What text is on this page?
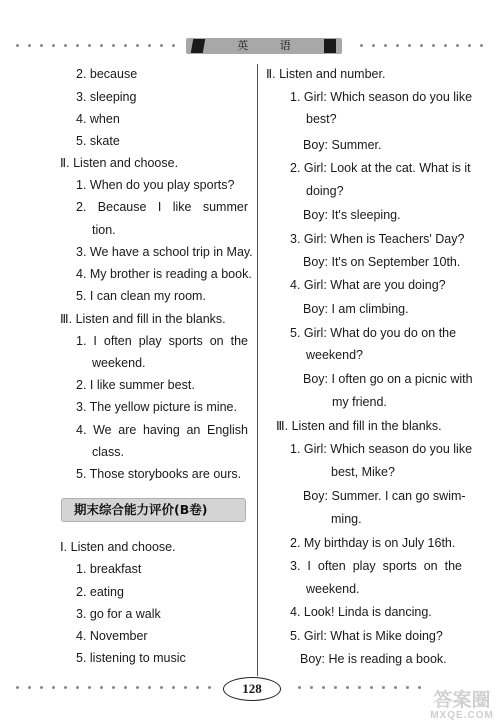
英 语
2. because
3. sleeping
4. when
5. skate
Ⅱ. Listen and choose.
1. When do you play sports?
2. Because I like summer
tion.
3. We have a school trip in May.
4. My brother is reading a book.
5. I can clean my room.
Ⅲ. Listen and fill in the blanks.
1. I often play sports on the
weekend.
2. I like summer best.
3. The yellow picture is mine.
4. We are having an English
class.
5. Those storybooks are ours.
Ⅰ. Listen and choose.
1. breakfast
2. eating
3. go for a walk
4. November
5. listening to music
Ⅱ. Listen and number.
1. Girl: Which season do you like
best?
Boy: Summer.
2. Girl: Look at the cat. What is it
doing?
Boy: It's sleeping.
3. Girl: When is Teachers' Day?
Boy: It's on September 10th.
4. Girl: What are you doing?
Boy: I am climbing.
5. Girl: What do you do on the
weekend?
Boy: I often go on a picnic with
my friend.
Ⅲ. Listen and fill in the blanks.
1. Girl: Which season do you like
best, Mike?
Boy: Summer. I can go swim-
ming.
2. My birthday is on July 16th.
3. I often play sports on the
weekend.
4. Look! Linda is dancing.
5. Girl: What is Mike doing?
Boy: He is reading a book.
期末综合能力评价(B卷)
128
答案圈
MXQE.COM
